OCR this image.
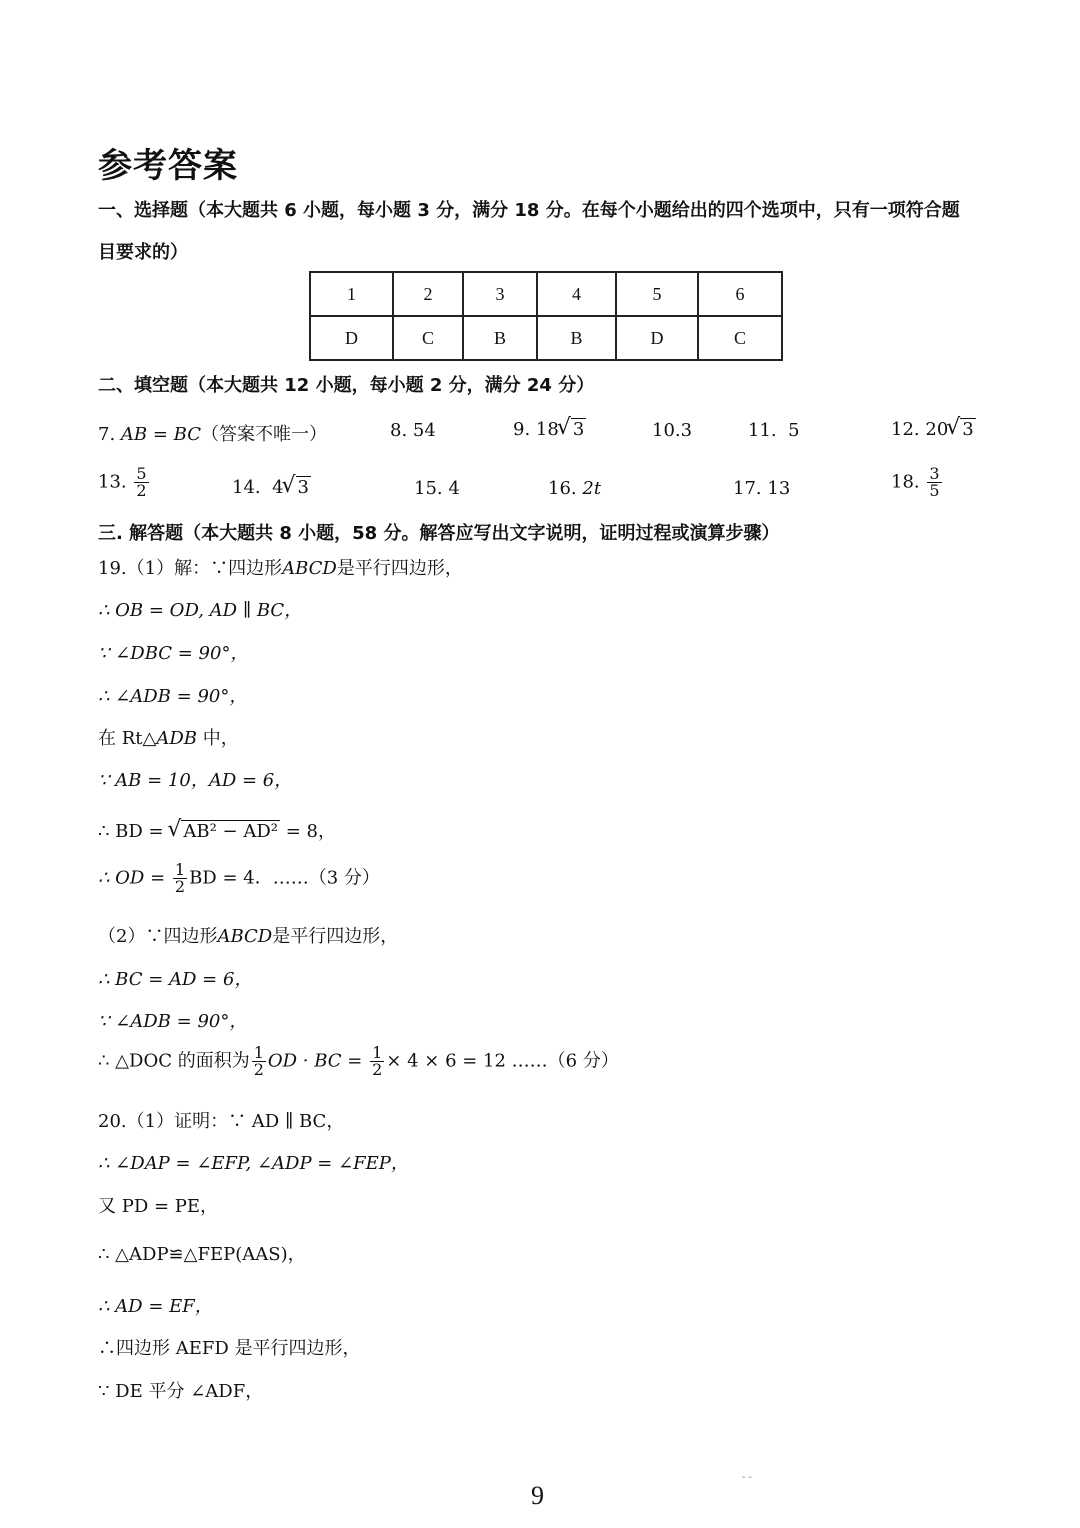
参考答案
一、选择题（本大题共 6 小题，每小题 3 分，满分 18 分。在每个小题给出的四个选项中，只有一项符合题
目要求的）
1	2	3	4	5	6
D	C	B	B	D	C
二、填空题（本大题共 12 小题，每小题 2 分，满分 24 分）
7. AB = BC（答案不唯一）	8. 54	9. 18 √ 3	10.3	11. 5	12. 20 √ 3
13. $\frac{5}{2}$	14. 4 √ 3	15. 4	16. 2t	17. 13	18. $\frac{3}{5}$
三. 解答题（本大题共 8 小题，58 分。解答应写出文字说明，证明过程或演算步骤）
19.（1）解：∵四边形ABCD是平行四边形，
∴ OB = OD, AD ∥ BC，
∵ ∠DBC = 90°，
∴ ∠ADB = 90°，
在 Rt△ADB 中，
∵ AB = 10，AD = 6，
∴ BD = √ AB² − AD² = 8，
∴ OD = $\frac{1}{2}$ BD = 4．……（3 分）
（2）∵四边形ABCD是平行四边形，
∴ BC = AD = 6，
∵ ∠ADB = 90°，
∴ △DOC 的面积为 $\frac{1}{2}$ OD · BC = $\frac{1}{2} \times 4 \times 6 = 12$ ……（6 分）
20.（1）证明：∵ AD ∥ BC，
∴ ∠DAP = ∠EFP, ∠ADP = ∠FEP，
又 PD = PE，
∴ △ADP≌△FEP(AAS)，
∴ AD = EF，
∴四边形 AEFD 是平行四边形，
∵ DE 平分 ∠ADF，
9
- -
